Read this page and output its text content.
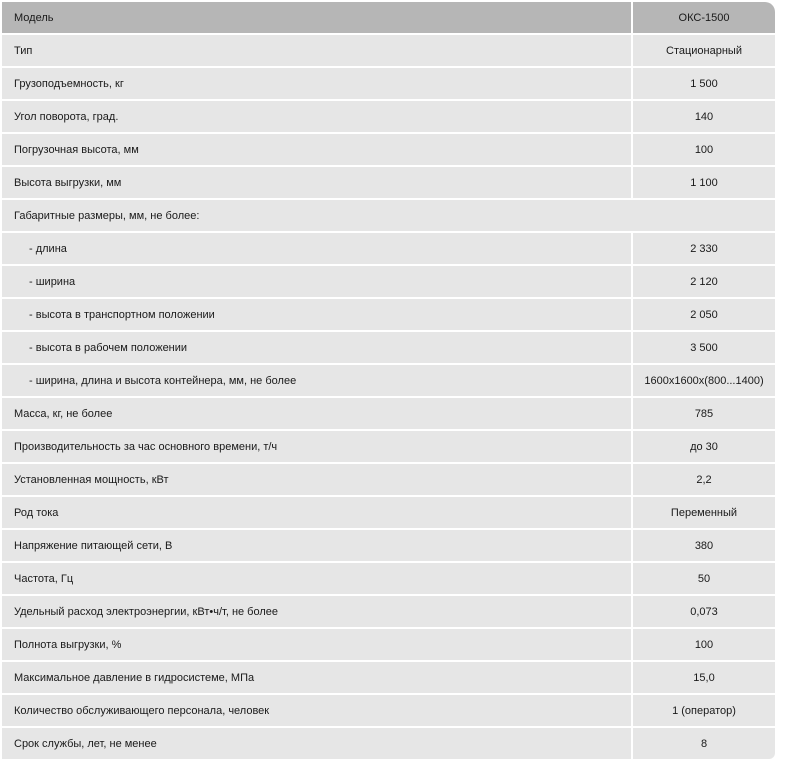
Модель	ОКС-1500
Тип	Стационарный
Грузоподъемность, кг	1 500
Угол поворота, град.	140
Погрузочная высота, мм	100
Высота выгрузки, мм	1 100
Габаритные размеры, мм, не более:
- длина	2 330
- ширина	2 120
- высота в транспортном положении	2 050
- высота в рабочем положении	3 500
- ширина, длина и высота контейнера, мм, не более	1600х1600х(800...1400)
Масса, кг, не более	785
Производительность за час основного времени, т/ч	до 30
Установленная мощность, кВт	2,2
Род тока	Переменный
Напряжение питающей сети, В	380
Частота, Гц	50
Удельный расход электроэнергии, кВт•ч/т, не более	0,073
Полнота выгрузки, %	100
Максимальное давление в гидросистеме, МПа	15,0
Количество обслуживающего персонала, человек	1 (оператор)
Срок службы, лет, не менее	8
